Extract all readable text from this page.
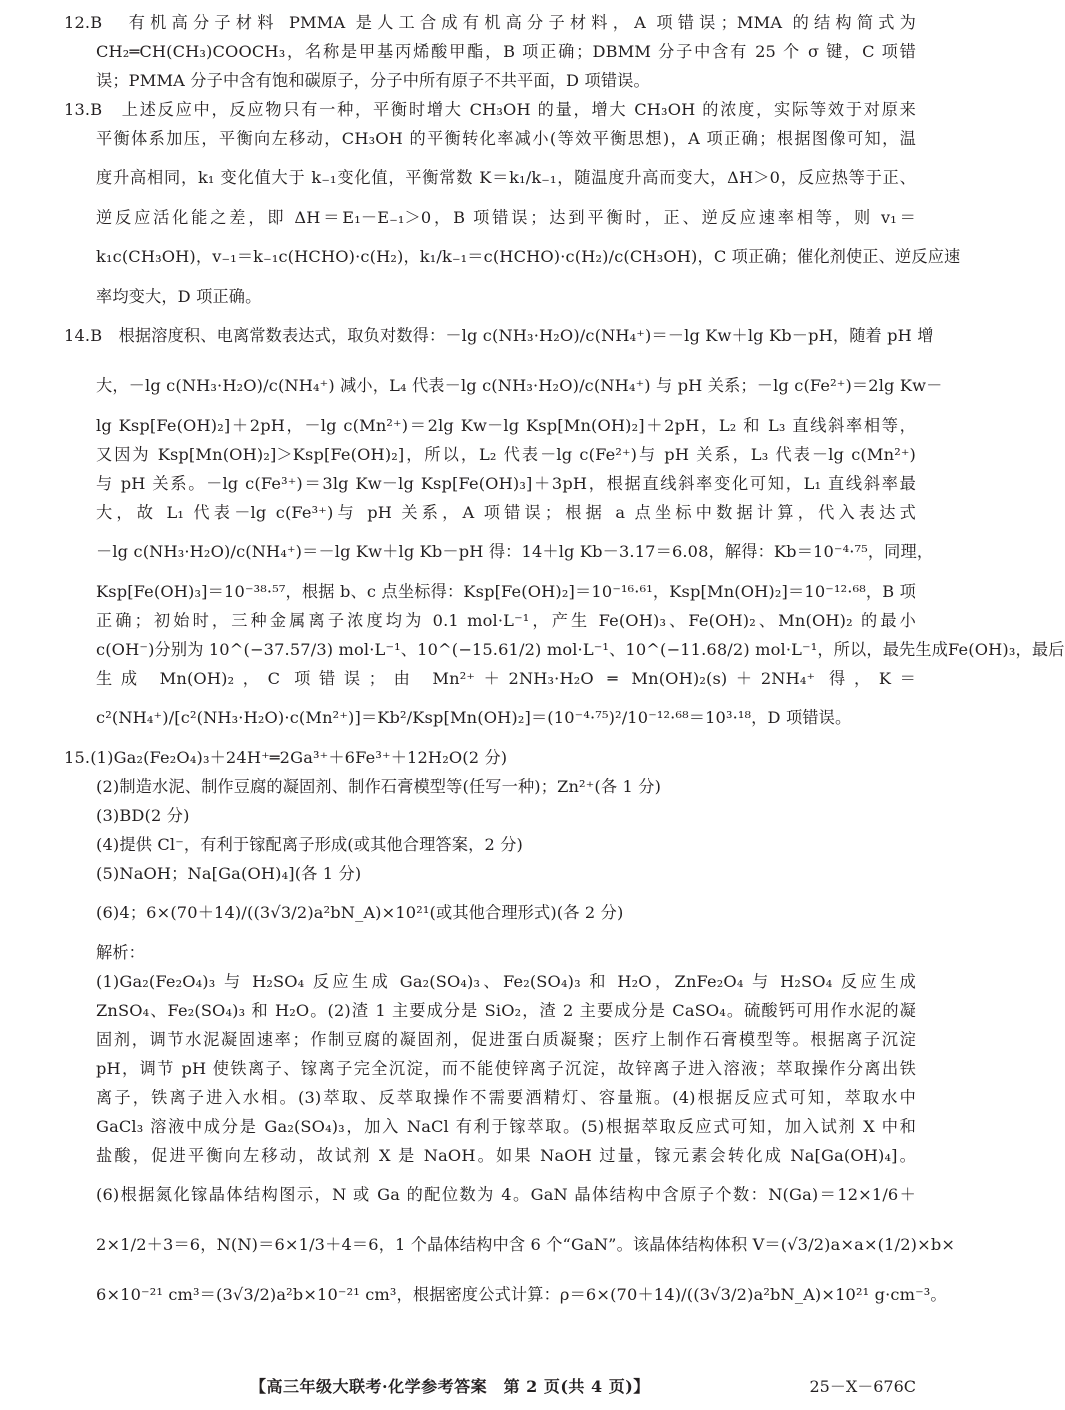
12.B　有机高分子材料 PMMA 是人工合成有机高分子材料，A 项错误；MMA 的结构简式为
CH₂═CH(CH₃)COOCH₃，名称是甲基丙烯酸甲酯，B 项正确；DBMM 分子中含有 25 个 σ 键，C 项错
误；PMMA 分子中含有饱和碳原子，分子中所有原子不共平面，D 项错误。
13.B　上述反应中，反应物只有一种，平衡时增大 CH₃OH 的量，增大 CH₃OH 的浓度，实际等效于对原来
平衡体系加压，平衡向左移动，CH₃OH 的平衡转化率减小(等效平衡思想)，A 项正确；根据图像可知，温
度升高相同，k₁ 变化值大于 k₋₁变化值，平衡常数 K＝k₁/k₋₁，随温度升高而变大，ΔH＞0，反应热等于正、
逆反应活化能之差，即 ΔH＝E₁－E₋₁＞0，B 项错误；达到平衡时，正、逆反应速率相等，则 v₁＝
k₁c(CH₃OH)，v₋₁＝k₋₁c(HCHO)·c(H₂)，k₁/k₋₁＝c(HCHO)·c(H₂)/c(CH₃OH)，C 项正确；催化剂使正、逆反应速
率均变大，D 项正确。
14.B　根据溶度积、电离常数表达式，取负对数得：－lg c(NH₃·H₂O)/c(NH₄⁺)＝－lg Kw＋lg Kb－pH，随着 pH 增
大，－lg c(NH₃·H₂O)/c(NH₄⁺) 减小，L₄ 代表－lg c(NH₃·H₂O)/c(NH₄⁺) 与 pH 关系；－lg c(Fe²⁺)＝2lg Kw－
lg Ksp[Fe(OH)₂]＋2pH，－lg c(Mn²⁺)＝2lg Kw－lg Ksp[Mn(OH)₂]＋2pH，L₂ 和 L₃ 直线斜率相等，
又因为 Ksp[Mn(OH)₂]＞Ksp[Fe(OH)₂]，所以，L₂ 代表－lg c(Fe²⁺)与 pH 关系，L₃ 代表－lg c(Mn²⁺)
与 pH 关系。－lg c(Fe³⁺)＝3lg Kw－lg Ksp[Fe(OH)₃]＋3pH，根据直线斜率变化可知，L₁ 直线斜率最
大，故 L₁ 代表－lg c(Fe³⁺)与 pH 关系，A 项错误；根据 a 点坐标中数据计算，代入表达式
－lg c(NH₃·H₂O)/c(NH₄⁺)＝－lg Kw＋lg Kb－pH 得：14＋lg Kb－3.17＝6.08，解得：Kb＝10⁻⁴·⁷⁵，同理，
Ksp[Fe(OH)₃]＝10⁻³⁸·⁵⁷，根据 b、c 点坐标得：Ksp[Fe(OH)₂]＝10⁻¹⁶·⁶¹，Ksp[Mn(OH)₂]＝10⁻¹²·⁶⁸，B 项
正确；初始时，三种金属离子浓度均为 0.1 mol·L⁻¹，产生 Fe(OH)₃、Fe(OH)₂、Mn(OH)₂ 的最小
c(OH⁻)分别为 10^(−37.57/3) mol·L⁻¹、10^(−15.61/2) mol·L⁻¹、10^(−11.68/2) mol·L⁻¹，所以，最先生成Fe(OH)₃，最后
生成 Mn(OH)₂，C 项错误；由 Mn²⁺＋2NH₃·H₂O ═ Mn(OH)₂(s)＋2NH₄⁺ 得，K＝
c²(NH₄⁺)/[c²(NH₃·H₂O)·c(Mn²⁺)]＝Kb²/Ksp[Mn(OH)₂]＝(10⁻⁴·⁷⁵)²/10⁻¹²·⁶⁸＝10³·¹⁸，D 项错误。
15.(1)Ga₂(Fe₂O₄)₃＋24H⁺═2Ga³⁺＋6Fe³⁺＋12H₂O(2 分)
(2)制造水泥、制作豆腐的凝固剂、制作石膏模型等(任写一种)；Zn²⁺(各 1 分)
(3)BD(2 分)
(4)提供 Cl⁻，有利于镓配离子形成(或其他合理答案，2 分)
(5)NaOH；Na[Ga(OH)₄](各 1 分)
(6)4；6×(70＋14)/((3√3/2)a²bN_A)×10²¹(或其他合理形式)(各 2 分)
解析：
(1)Ga₂(Fe₂O₄)₃ 与 H₂SO₄ 反应生成 Ga₂(SO₄)₃、Fe₂(SO₄)₃ 和 H₂O，ZnFe₂O₄ 与 H₂SO₄ 反应生成
ZnSO₄、Fe₂(SO₄)₃ 和 H₂O。(2)渣 1 主要成分是 SiO₂，渣 2 主要成分是 CaSO₄。硫酸钙可用作水泥的凝
固剂，调节水泥凝固速率；作制豆腐的凝固剂，促进蛋白质凝聚；医疗上制作石膏模型等。根据离子沉淀
pH，调节 pH 使铁离子、镓离子完全沉淀，而不能使锌离子沉淀，故锌离子进入溶液；萃取操作分离出铁
离子，铁离子进入水相。(3)萃取、反萃取操作不需要酒精灯、容量瓶。(4)根据反应式可知，萃取水中
GaCl₃ 溶液中成分是 Ga₂(SO₄)₃，加入 NaCl 有利于镓萃取。(5)根据萃取反应式可知，加入试剂 X 中和
盐酸，促进平衡向左移动，故试剂 X 是 NaOH。如果 NaOH 过量，镓元素会转化成 Na[Ga(OH)₄]。
(6)根据氮化镓晶体结构图示，N 或 Ga 的配位数为 4。GaN 晶体结构中含原子个数：N(Ga)＝12×1/6＋
2×1/2＋3＝6，N(N)＝6×1/3＋4＝6，1 个晶体结构中含 6 个“GaN”。该晶体结构体积 V＝(√3/2)a×a×(1/2)×b×
6×10⁻²¹ cm³＝(3√3/2)a²b×10⁻²¹ cm³，根据密度公式计算：ρ＝6×(70＋14)/((3√3/2)a²bN_A)×10²¹ g·cm⁻³。
【高三年级大联考·化学参考答案　第 2 页(共 4 页)】	25－X－676C
